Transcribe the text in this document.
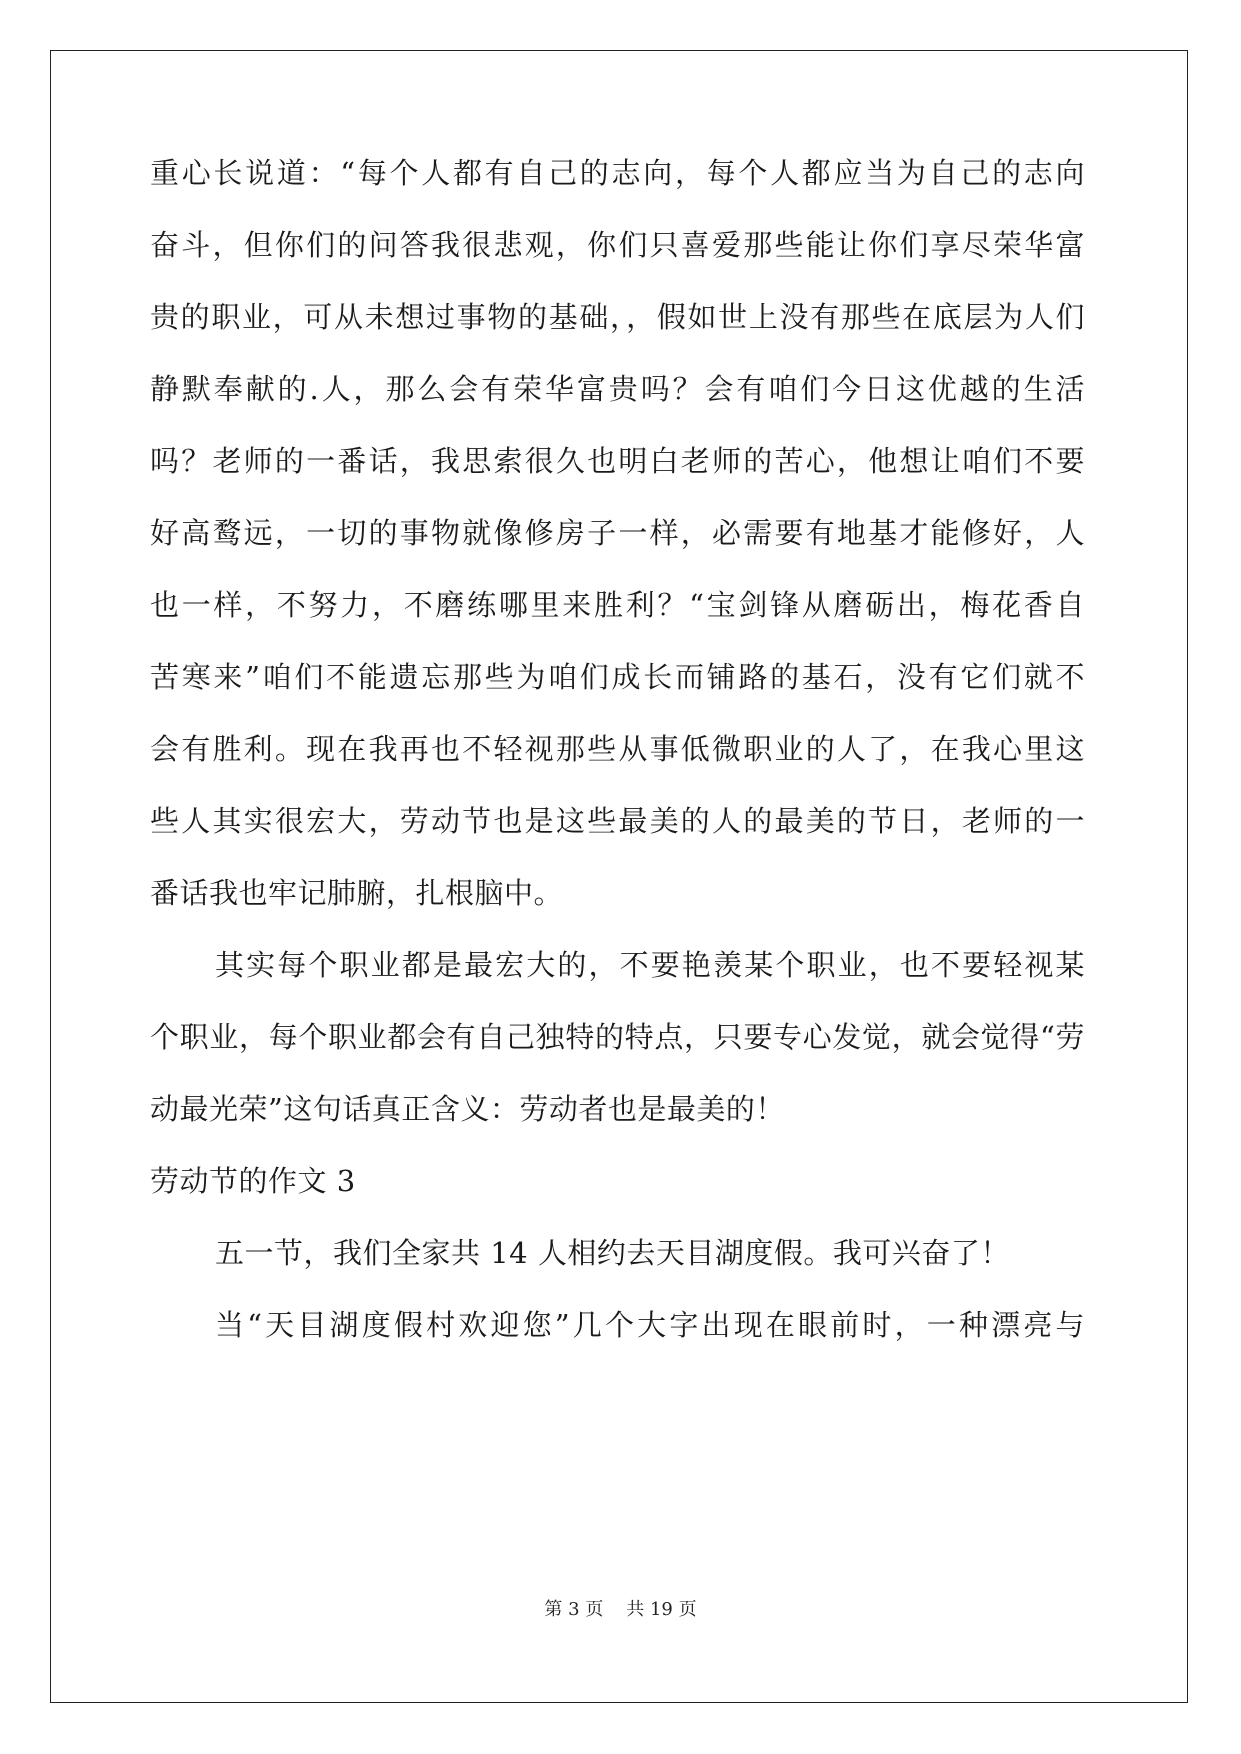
重心长说道：“每个人都有自己的志向，每个人都应当为自己的志向
奋斗，但你们的问答我很悲观，你们只喜爱那些能让你们享尽荣华富
贵的职业，可从未想过事物的基础，，假如世上没有那些在底层为人们
静默奉献的.人，那么会有荣华富贵吗？会有咱们今日这优越的生活
吗？老师的一番话，我思索很久也明白老师的苦心，他想让咱们不要
好高鹜远，一切的事物就像修房子一样，必需要有地基才能修好，人
也一样，不努力，不磨练哪里来胜利？“宝剑锋从磨砺出，梅花香自
苦寒来”咱们不能遗忘那些为咱们成长而铺路的基石，没有它们就不
会有胜利。现在我再也不轻视那些从事低微职业的人了，在我心里这
些人其实很宏大，劳动节也是这些最美的人的最美的节日，老师的一
番话我也牢记肺腑，扎根脑中。
其实每个职业都是最宏大的，不要艳羡某个职业，也不要轻视某
个职业，每个职业都会有自己独特的特点，只要专心发觉，就会觉得“劳
动最光荣”这句话真正含义：劳动者也是最美的！
劳动节的作文 3
五一节，我们全家共 14 人相约去天目湖度假。我可兴奋了！
当“天目湖度假村欢迎您”几个大字出现在眼前时，一种漂亮与
第 3 页 共 19 页
